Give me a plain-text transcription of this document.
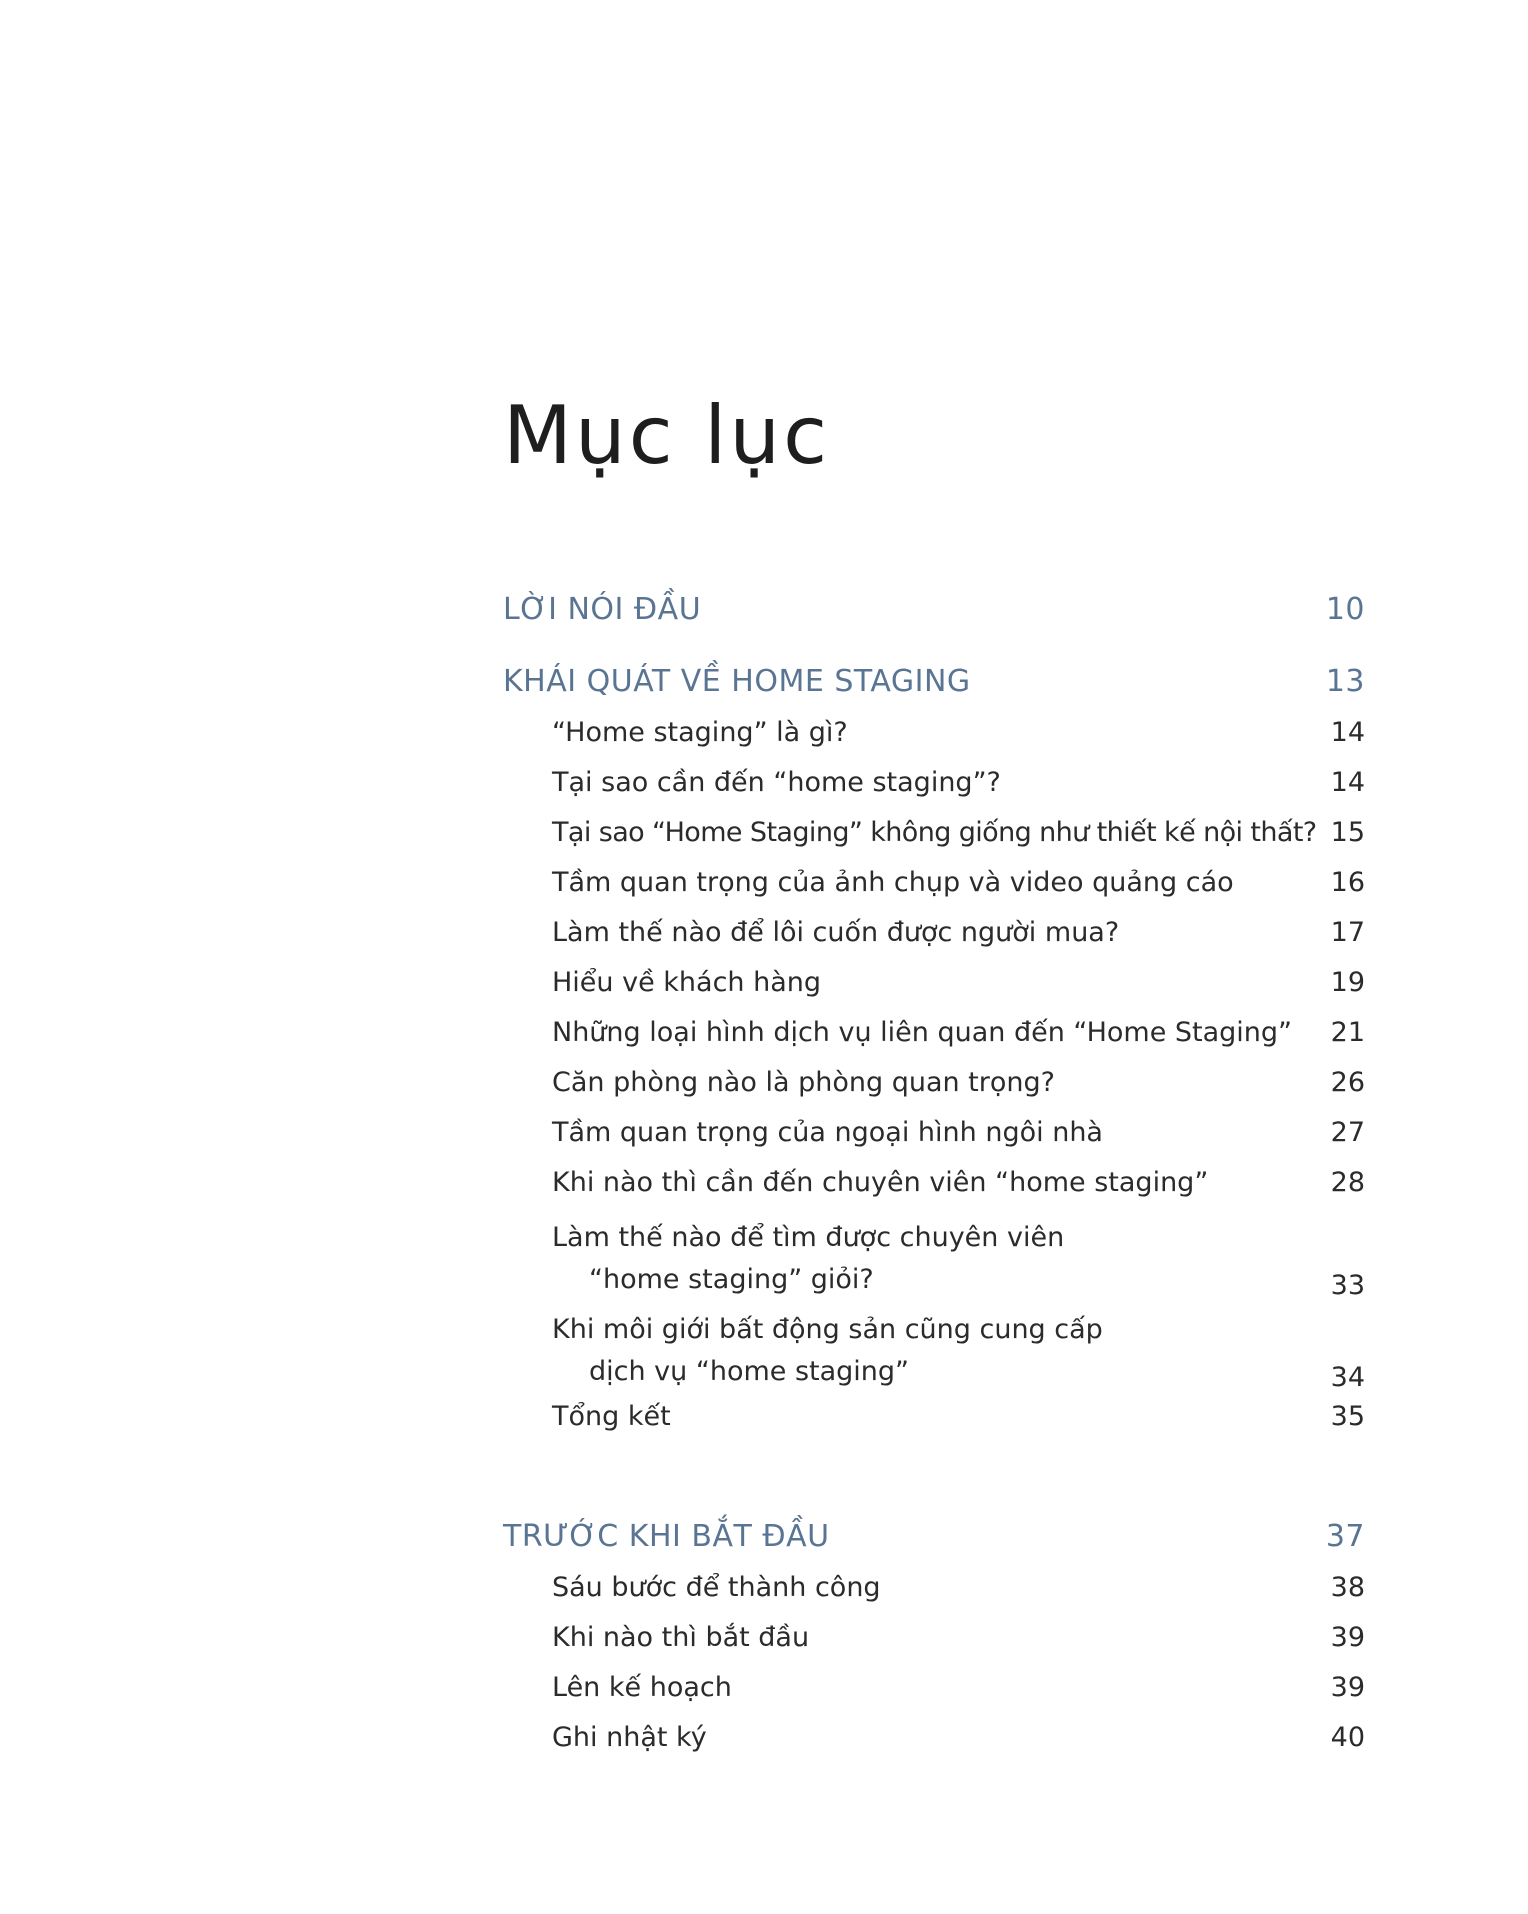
Mục lục
LỜI NÓI ĐẦU	10
KHÁI QUÁT VỀ HOME STAGING	13
“Home staging” là gì?	14
Tại sao cần đến “home staging”?	14
Tại sao “Home Staging” không giống như thiết kế nội thất? 15
Tầm quan trọng của ảnh chụp và video quảng cáo	16
Làm thế nào để lôi cuốn được người mua?	17
Hiểu về khách hàng	19
Những loại hình dịch vụ liên quan đến “Home Staging” 21
Căn phòng nào là phòng quan trọng?	26
Tầm quan trọng của ngoại hình ngôi nhà	27
Khi nào thì cần đến chuyên viên “home staging”	28
Làm thế nào để tìm được chuyên viên
“home staging” giỏi?	33
Khi môi giới bất động sản cũng cung cấp
dịch vụ “home staging”	34
Tổng kết	35
TRƯỚC KHI BẮT ĐẦU	37
Sáu bước để thành công	38
Khi nào thì bắt đầu	39
Lên kế hoạch	39
Ghi nhật ký	40
